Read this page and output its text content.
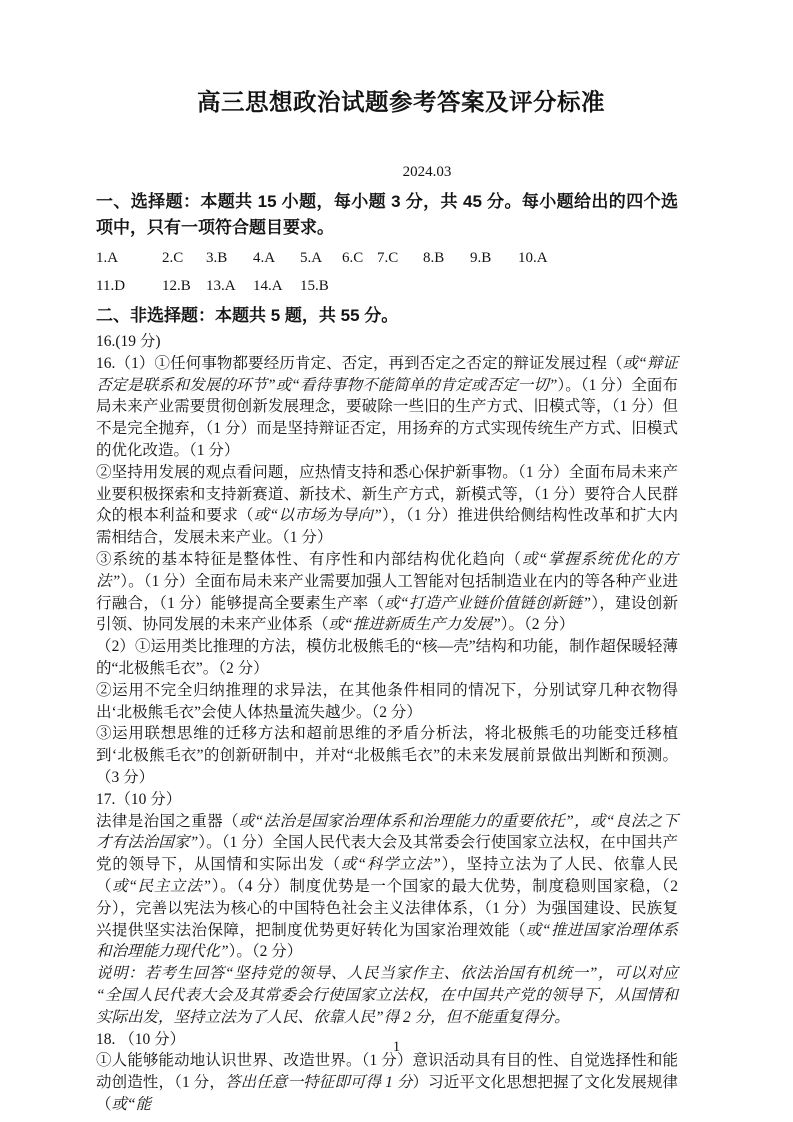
高三思想政治试题参考答案及评分标准
2024.03
一、选择题：本题共 15 小题，每小题 3 分，共 45 分。每小题给出的四个选项中，只有一项符合题目要求。
1.A	2.C 3.B 4.A 5.A 6.C 7.C 8.B 9.B 10.A
11.D 12.B 13.A 14.A 15.B
二、非选择题：本题共 5 题，共 55 分。
16.(19 分)
16.（1）①任何事物都要经历肯定、否定，再到否定之否定的辩证发展过程（或“辩证否定是联系和发展的环节”或“看待事物不能简单的肯定或否定一切”）。（1 分）全面布局未来产业需要贯彻创新发展理念，要破除一些旧的生产方式、旧模式等，（1 分）但不是完全抛弃，（1 分）而是坚持辩证否定，用扬弃的方式实现传统生产方式、旧模式的优化改造。（1 分）
②坚持用发展的观点看问题，应热情支持和悉心保护新事物。（1 分）全面布局未来产业要积极探索和支持新赛道、新技术、新生产方式，新模式等，（1 分）要符合人民群众的根本利益和要求（或“以市场为导向”），（1 分）推进供给侧结构性改革和扩大内需相结合，发展未来产业。（1 分）
③系统的基本特征是整体性、有序性和内部结构优化趋向（或“掌握系统优化的方法”）。（1 分）全面布局未来产业需要加强人工智能对包括制造业在内的等各种产业进行融合，（1 分）能够提高全要素生产率（或“打造产业链价值链创新链”），建设创新引领、协同发展的未来产业体系（或“推进新质生产力发展”）。（2 分）
（2）①运用类比推理的方法，模仿北极熊毛的“核—壳”结构和功能，制作超保暖轻薄的“北极熊毛衣”。（2 分）
②运用不完全归纳推理的求异法，在其他条件相同的情况下，分别试穿几种衣物得出‘北极熊毛衣”会使人体热量流失越少。（2 分）
③运用联想思维的迁移方法和超前思维的矛盾分析法，将北极熊毛的功能变迁移植到‘北极熊毛衣”的创新研制中，并对“北极熊毛衣”的未来发展前景做出判断和预测。（3 分）
17.（10 分）
法律是治国之重器（或“法治是国家治理体系和治理能力的重要依托”，或“良法之下才有法治国家”）。（1 分）全国人民代表大会及其常委会行使国家立法权，在中国共产党的领导下，从国情和实际出发（或“科学立法”），坚持立法为了人民、依靠人民（或“民主立法”）。（4 分）制度优势是一个国家的最大优势，制度稳则国家稳，（2 分），完善以宪法为核心的中国特色社会主义法律体系，（1 分）为强国建设、民族复兴提供坚实法治保障，把制度优势更好转化为国家治理效能（或“推进国家治理体系和治理能力现代化”）。（2 分）
说明：若考生回答“坚持党的领导、人民当家作主、依法治国有机统一”，可以对应“全国人民代表大会及其常委会行使国家立法权，在中国共产党的领导下，从国情和实际出发，坚持立法为了人民、依靠人民”得 2 分，但不能重复得分。
18. （10 分）
①人能够能动地认识世界、改造世界。（1 分）意识活动具有目的性、自觉选择性和能动创造性，（1 分，答出任意一特征即可得 1 分）习近平文化思想把握了文化发展规律（或“能
1
